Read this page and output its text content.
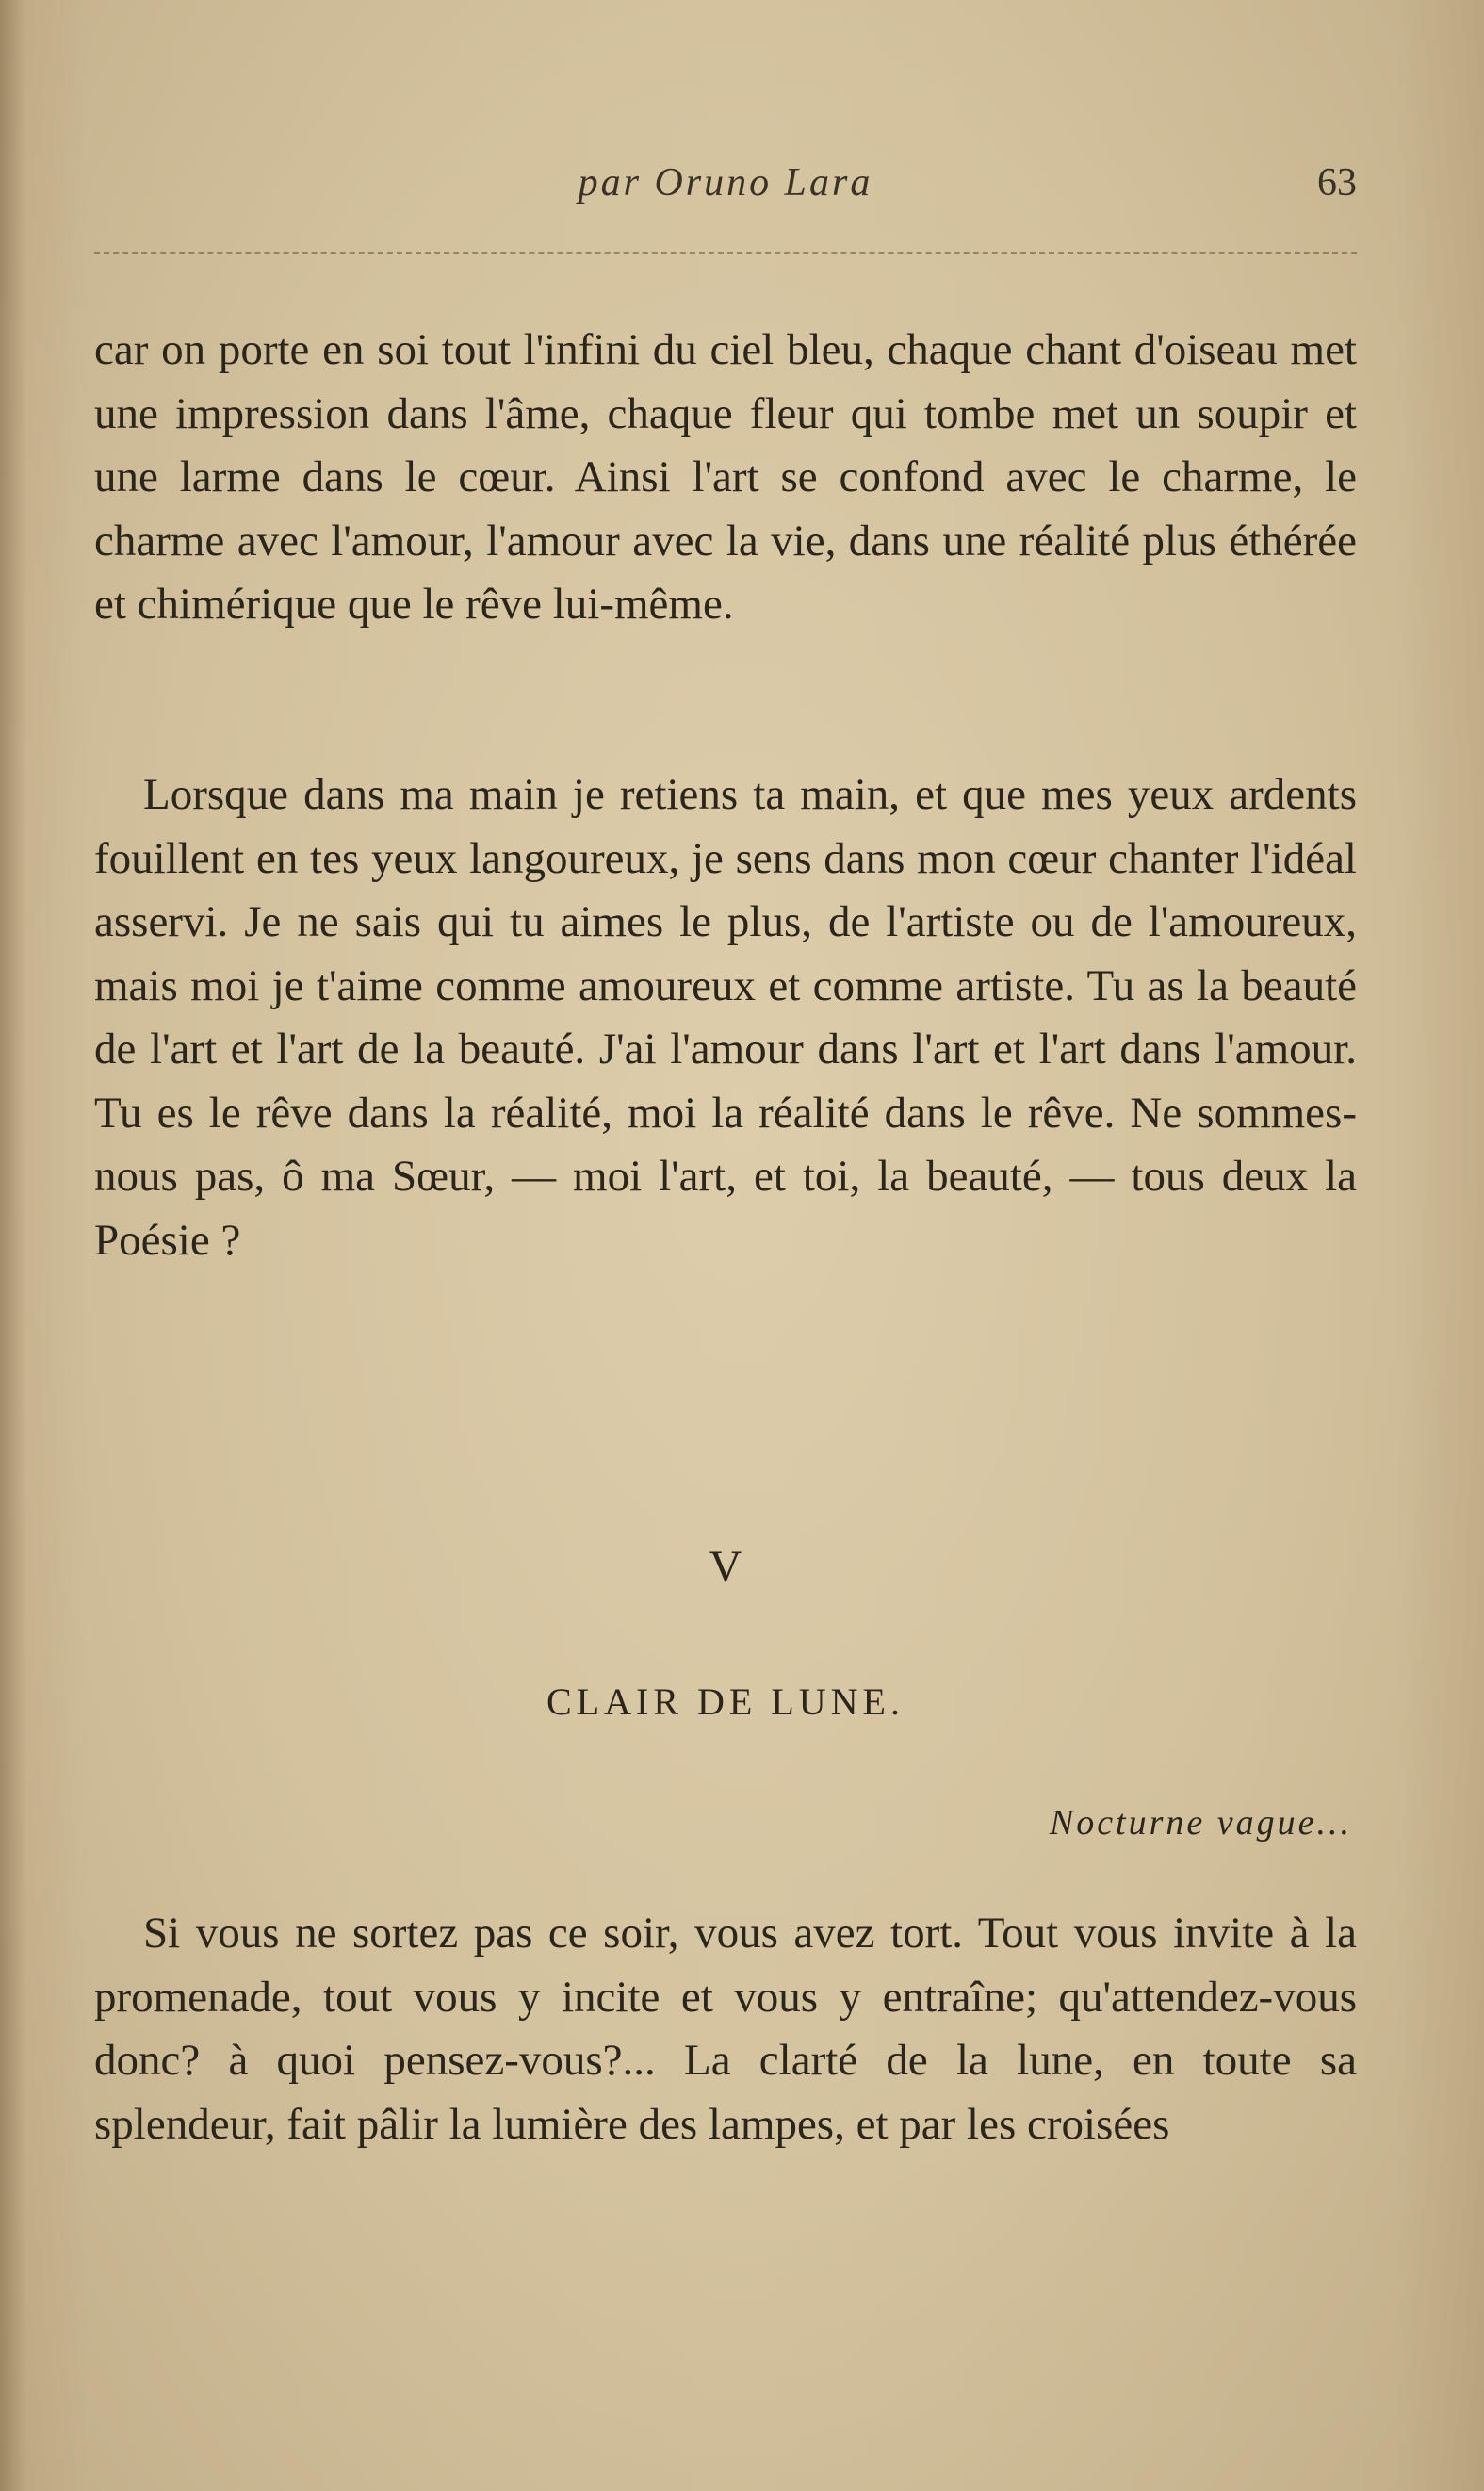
par Oruno Lara	63

car on porte en soi tout l'infini du ciel bleu, chaque chant d'oiseau met une impression dans l'âme, chaque fleur qui tombe met un soupir et une larme dans le cœur. Ainsi l'art se confond avec le charme, le charme avec l'amour, l'amour avec la vie, dans une réalité plus éthérée et chimérique que le rêve lui-même.

Lorsque dans ma main je retiens ta main, et que mes yeux ardents fouillent en tes yeux langoureux, je sens dans mon cœur chanter l'idéal asservi. Je ne sais qui tu aimes le plus, de l'artiste ou de l'amoureux, mais moi je t'aime comme amoureux et comme artiste. Tu as la beauté de l'art et l'art de la beauté. J'ai l'amour dans l'art et l'art dans l'amour. Tu es le rêve dans la réalité, moi la réalité dans le rêve. Ne sommes-nous pas, ô ma Sœur, — moi l'art, et toi, la beauté, — tous deux la Poésie ?

V
CLAIR DE LUNE.
Nocturne vague...

Si vous ne sortez pas ce soir, vous avez tort. Tout vous invite à la promenade, tout vous y incite et vous y entraîne; qu'attendez-vous donc? à quoi pensez-vous?... La clarté de la lune, en toute sa splendeur, fait pâlir la lumière des lampes, et par les croisées
